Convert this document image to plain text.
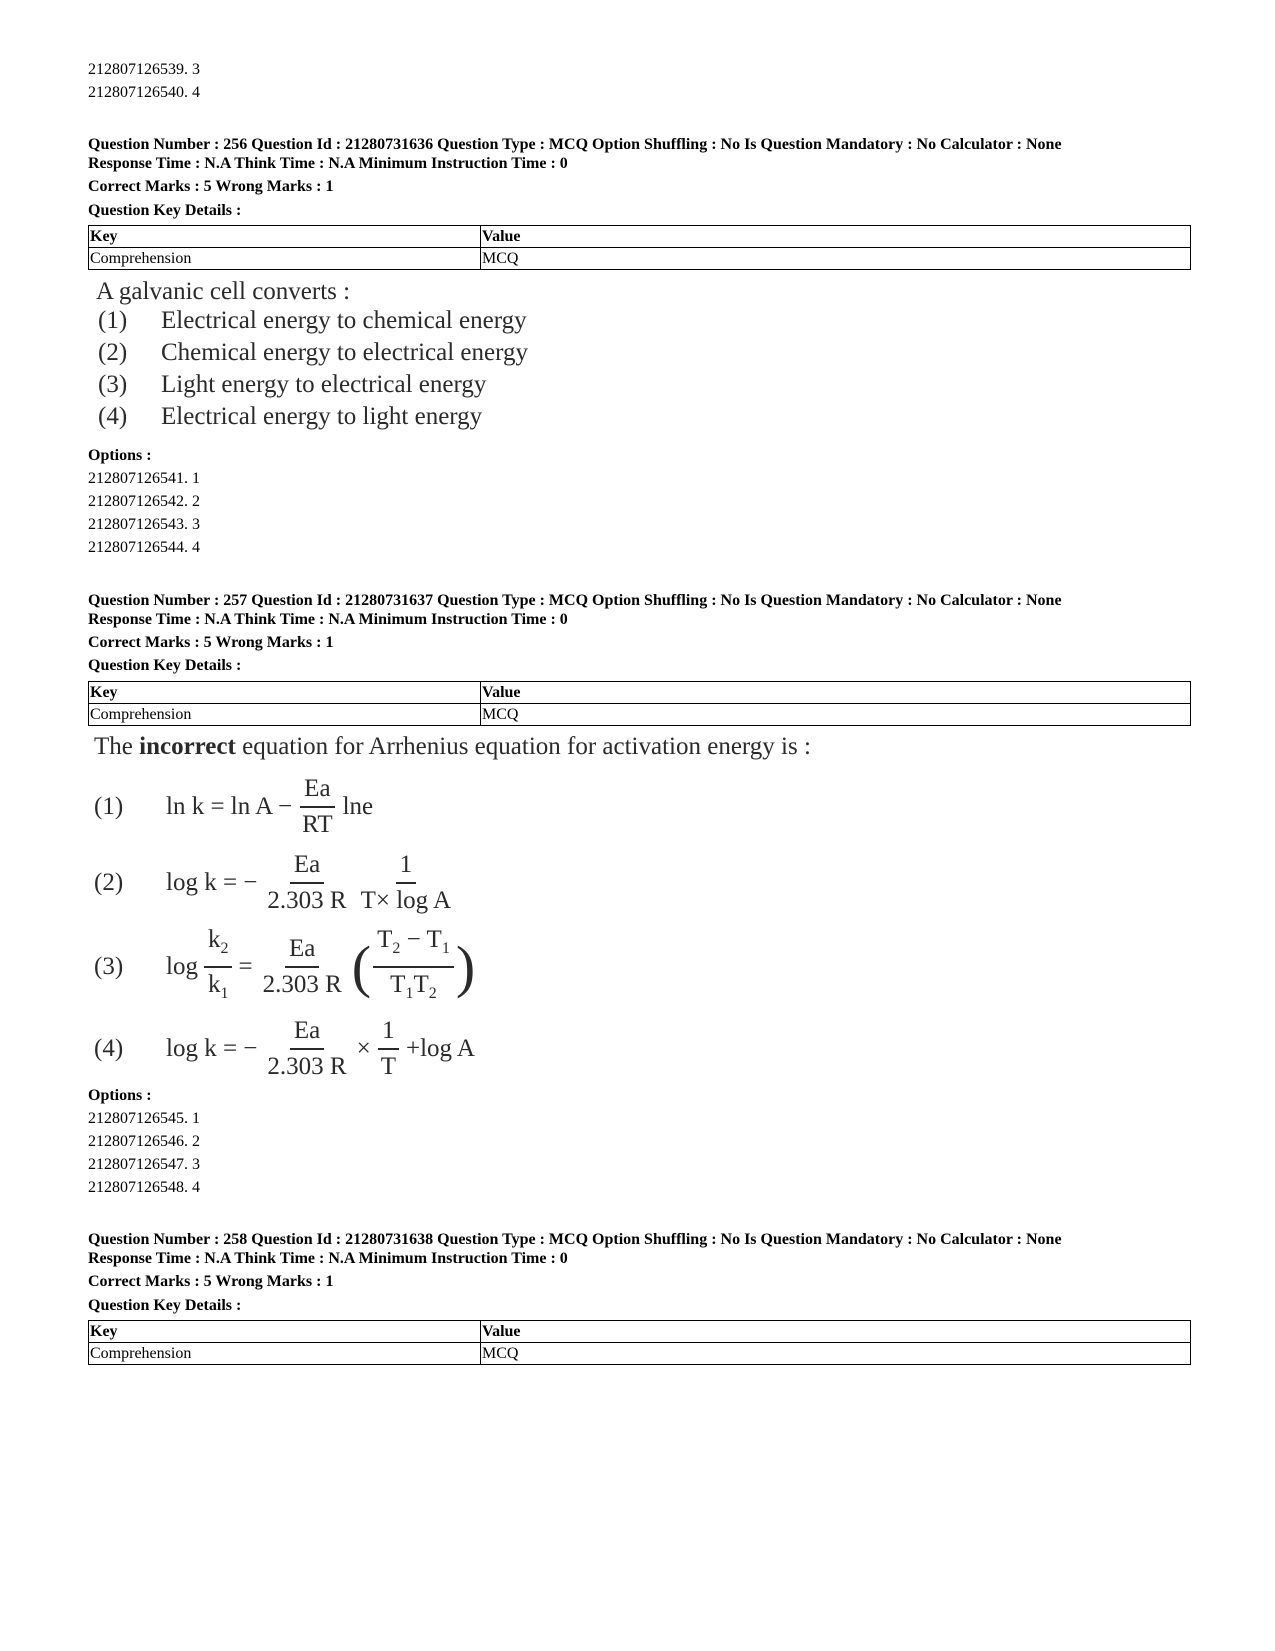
212807126539. 3
212807126540. 4
Question Number : 256 Question Id : 21280731636 Question Type : MCQ Option Shuffling : No Is Question Mandatory : No Calculator : None
Response Time : N.A Think Time : N.A Minimum Instruction Time : 0
Correct Marks : 5 Wrong Marks : 1
Question Key Details :
Key	Value
Comprehension	MCQ
A galvanic cell converts :
(1) Electrical energy to chemical energy
(2) Chemical energy to electrical energy
(3) Light energy to electrical energy
(4) Electrical energy to light energy
Options :
212807126541. 1
212807126542. 2
212807126543. 3
212807126544. 4
Question Number : 257 Question Id : 21280731637 Question Type : MCQ Option Shuffling : No Is Question Mandatory : No Calculator : None
Response Time : N.A Think Time : N.A Minimum Instruction Time : 0
Correct Marks : 5 Wrong Marks : 1
Question Key Details :
Key	Value
Comprehension	MCQ
The incorrect equation for Arrhenius equation for activation energy is :
(1)	$\ln k = \ln A - \frac{Ea}{RT}$ lne
(2)	log k = − $\frac{Ea}{2.303 R} \frac{1}{\text{T× log A}}$
(3)	$\log \frac{k_2}{k_1} = \frac{Ea}{2.303 R}$ ( $\frac{T_2 - T_1}{T_1T_2}$ )
(4)	log k = − $\frac{Ea}{2.303 R} \times \frac{1}{T} +\log$ A
Options :
212807126545. 1
212807126546. 2
212807126547. 3
212807126548. 4
Question Number : 258 Question Id : 21280731638 Question Type : MCQ Option Shuffling : No Is Question Mandatory : No Calculator : None
Response Time : N.A Think Time : N.A Minimum Instruction Time : 0
Correct Marks : 5 Wrong Marks : 1
Question Key Details :
Key	Value
Comprehension	MCQ
